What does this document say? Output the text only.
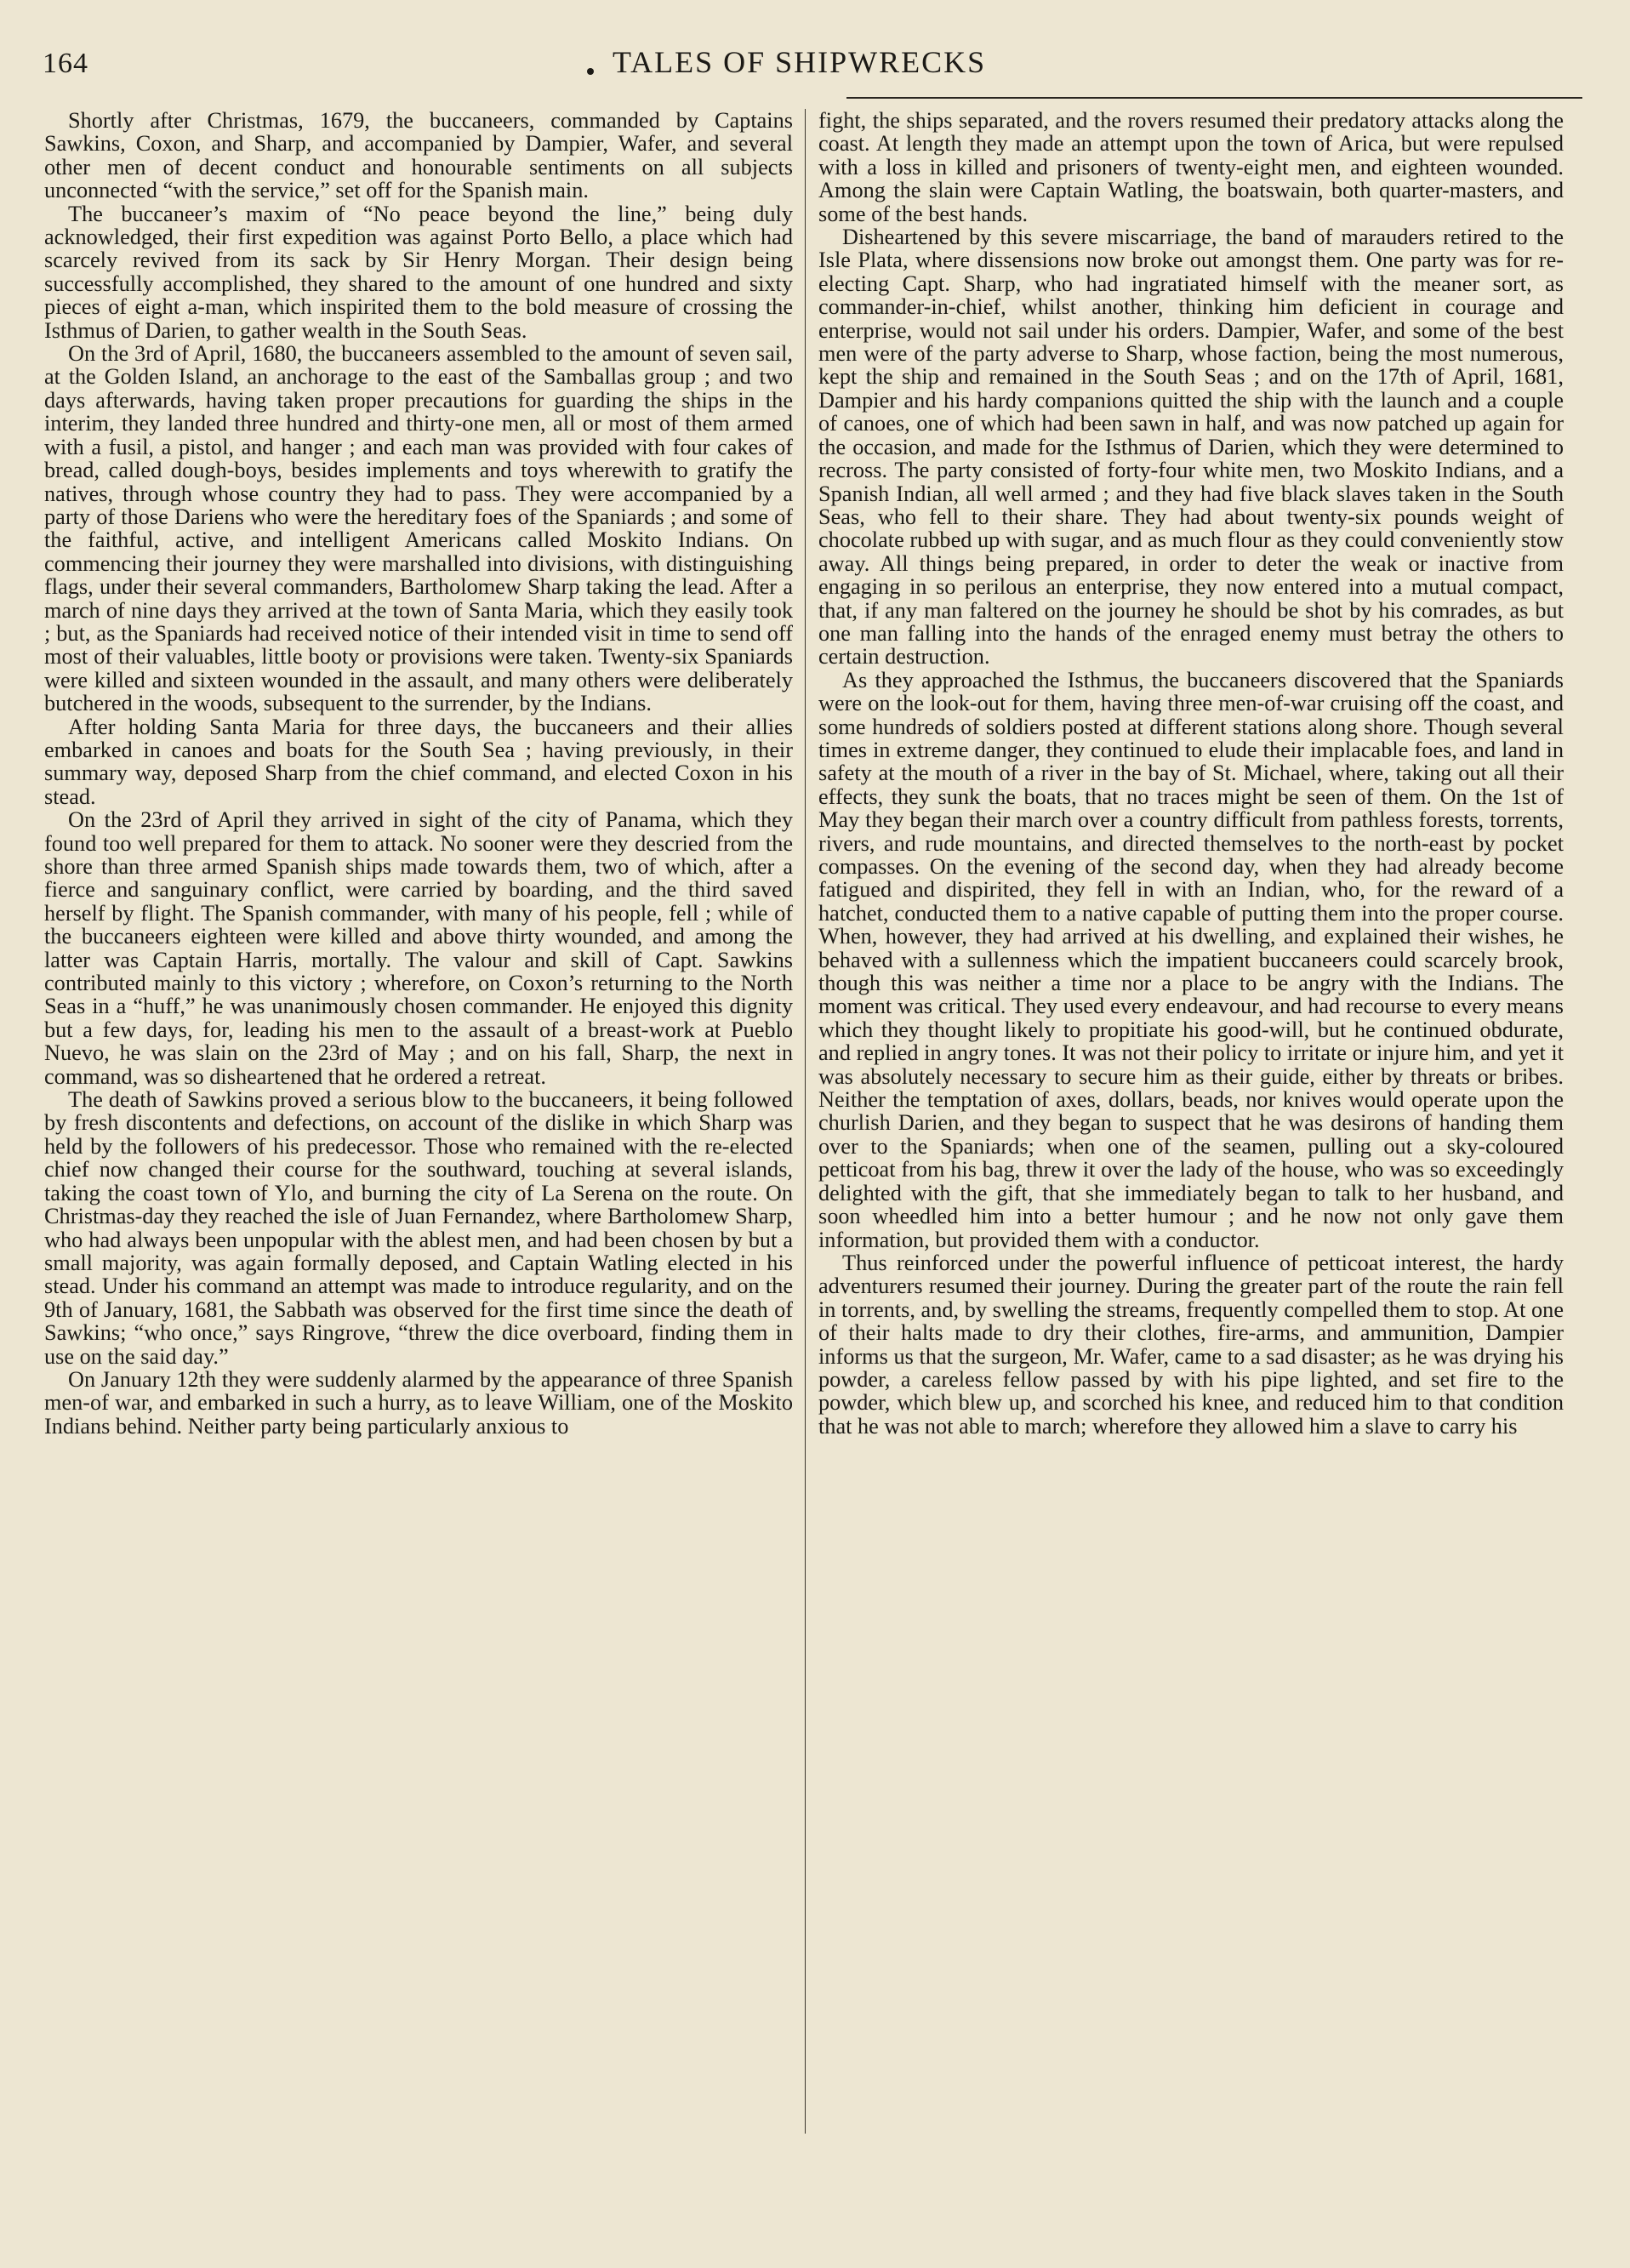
164	TALES OF SHIPWRECKS

Shortly after Christmas, 1679, the buccaneers, commanded by Captains Sawkins, Coxon, and Sharp, and accompanied by Dampier, Wafer, and several other men of decent conduct and honourable sentiments on all subjects unconnected “with the service,” set off for the Spanish main.

The buccaneer’s maxim of “No peace beyond the line,” being duly acknowledged, their first expedition was against Porto Bello, a place which had scarcely revived from its sack by Sir Henry Morgan. Their design being successfully accomplished, they shared to the amount of one hundred and sixty pieces of eight a-man, which inspirited them to the bold measure of crossing the Isthmus of Darien, to gather wealth in the South Seas.

On the 3rd of April, 1680, the buccaneers assembled to the amount of seven sail, at the Golden Island, an anchorage to the east of the Samballas group ; and two days afterwards, having taken proper precautions for guarding the ships in the interim, they landed three hundred and thirty-one men, all or most of them armed with a fusil, a pistol, and hanger ; and each man was provided with four cakes of bread, called dough-boys, besides implements and toys wherewith to gratify the natives, through whose country they had to pass. They were accompanied by a party of those Dariens who were the hereditary foes of the Spaniards ; and some of the faithful, active, and intelligent Americans called Moskito Indians. On commencing their journey they were marshalled into divisions, with distinguishing flags, under their several commanders, Bartholomew Sharp taking the lead. After a march of nine days they arrived at the town of Santa Maria, which they easily took ; but, as the Spaniards had received notice of their intended visit in time to send off most of their valuables, little booty or provisions were taken. Twenty-six Spaniards were killed and sixteen wounded in the assault, and many others were deliberately butchered in the woods, subsequent to the surrender, by the Indians.

After holding Santa Maria for three days, the buccaneers and their allies embarked in canoes and boats for the South Sea ; having previously, in their summary way, deposed Sharp from the chief command, and elected Coxon in his stead.

On the 23rd of April they arrived in sight of the city of Panama, which they found too well prepared for them to attack. No sooner were they descried from the shore than three armed Spanish ships made towards them, two of which, after a fierce and sanguinary conflict, were carried by boarding, and the third saved herself by flight. The Spanish commander, with many of his people, fell ; while of the buccaneers eighteen were killed and above thirty wounded, and among the latter was Captain Harris, mortally. The valour and skill of Capt. Sawkins contributed mainly to this victory ; wherefore, on Coxon’s returning to the North Seas in a “huff,” he was unanimously chosen commander. He enjoyed this dignity but a few days, for, leading his men to the assault of a breast-work at Pueblo Nuevo, he was slain on the 23rd of May ; and on his fall, Sharp, the next in command, was so disheartened that he ordered a retreat.

The death of Sawkins proved a serious blow to the buccaneers, it being followed by fresh discontents and defections, on account of the dislike in which Sharp was held by the followers of his predecessor. Those who remained with the re-elected chief now changed their course for the southward, touching at several islands, taking the coast town of Ylo, and burning the city of La Serena on the route. On Christmas-day they reached the isle of Juan Fernandez, where Bartholomew Sharp, who had always been unpopular with the ablest men, and had been chosen by but a small majority, was again formally deposed, and Captain Watling elected in his stead. Under his command an attempt was made to introduce regularity, and on the 9th of January, 1681, the Sabbath was observed for the first time since the death of Sawkins; “who once,” says Ringrove, “threw the dice overboard, finding them in use on the said day.”

On January 12th they were suddenly alarmed by the appearance of three Spanish men-of war, and embarked in such a hurry, as to leave William, one of the Moskito Indians behind. Neither party being particularly anxious to

fight, the ships separated, and the rovers resumed their predatory attacks along the coast. At length they made an attempt upon the town of Arica, but were repulsed with a loss in killed and prisoners of twenty-eight men, and eighteen wounded. Among the slain were Captain Watling, the boatswain, both quarter-masters, and some of the best hands.

Disheartened by this severe miscarriage, the band of marauders retired to the Isle Plata, where dissensions now broke out amongst them. One party was for re-electing Capt. Sharp, who had ingratiated himself with the meaner sort, as commander-in-chief, whilst another, thinking him deficient in courage and enterprise, would not sail under his orders. Dampier, Wafer, and some of the best men were of the party adverse to Sharp, whose faction, being the most numerous, kept the ship and remained in the South Seas ; and on the 17th of April, 1681, Dampier and his hardy companions quitted the ship with the launch and a couple of canoes, one of which had been sawn in half, and was now patched up again for the occasion, and made for the Isthmus of Darien, which they were determined to recross. The party consisted of forty-four white men, two Moskito Indians, and a Spanish Indian, all well armed ; and they had five black slaves taken in the South Seas, who fell to their share. They had about twenty-six pounds weight of chocolate rubbed up with sugar, and as much flour as they could conveniently stow away. All things being prepared, in order to deter the weak or inactive from engaging in so perilous an enterprise, they now entered into a mutual compact, that, if any man faltered on the journey he should be shot by his comrades, as but one man falling into the hands of the enraged enemy must betray the others to certain destruction.

As they approached the Isthmus, the buccaneers discovered that the Spaniards were on the look-out for them, having three men-of-war cruising off the coast, and some hundreds of soldiers posted at different stations along shore. Though several times in extreme danger, they continued to elude their implacable foes, and land in safety at the mouth of a river in the bay of St. Michael, where, taking out all their effects, they sunk the boats, that no traces might be seen of them. On the 1st of May they began their march over a country difficult from pathless forests, torrents, rivers, and rude mountains, and directed themselves to the north-east by pocket compasses. On the evening of the second day, when they had already become fatigued and dispirited, they fell in with an Indian, who, for the reward of a hatchet, conducted them to a native capable of putting them into the proper course. When, however, they had arrived at his dwelling, and explained their wishes, he behaved with a sullenness which the impatient buccaneers could scarcely brook, though this was neither a time nor a place to be angry with the Indians. The moment was critical. They used every endeavour, and had recourse to every means which they thought likely to propitiate his good-will, but he continued obdurate, and replied in angry tones. It was not their policy to irritate or injure him, and yet it was absolutely necessary to secure him as their guide, either by threats or bribes. Neither the temptation of axes, dollars, beads, nor knives would operate upon the churlish Darien, and they began to suspect that he was desirons of handing them over to the Spaniards; when one of the seamen, pulling out a sky-coloured petticoat from his bag, threw it over the lady of the house, who was so exceedingly delighted with the gift, that she immediately began to talk to her husband, and soon wheedled him into a better humour ; and he now not only gave them information, but provided them with a conductor.

Thus reinforced under the powerful influence of petticoat interest, the hardy adventurers resumed their journey. During the greater part of the route the rain fell in torrents, and, by swelling the streams, frequently compelled them to stop. At one of their halts made to dry their clothes, fire-arms, and ammunition, Dampier informs us that the surgeon, Mr. Wafer, came to a sad disaster; as he was drying his powder, a careless fellow passed by with his pipe lighted, and set fire to the powder, which blew up, and scorched his knee, and reduced him to that condition that he was not able to march; wherefore they allowed him a slave to carry his
